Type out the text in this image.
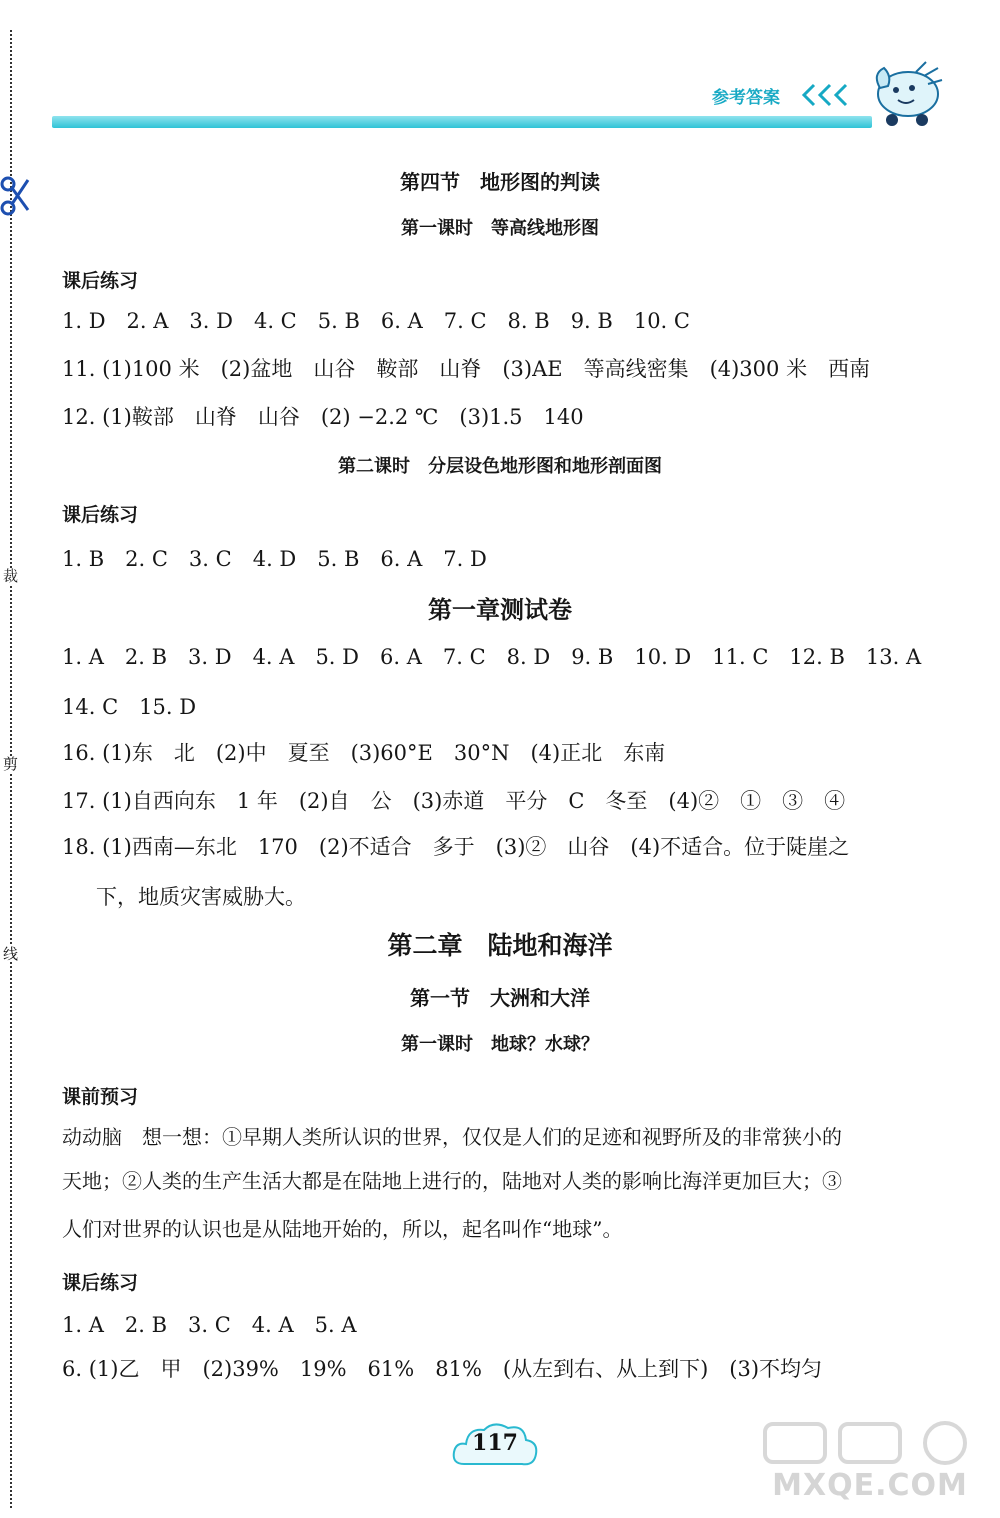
裁
剪
线
参考答案
第四节　地形图的判读
第一课时　等高线地形图
课后练习
1. D　2. A　3. D　4. C　5. B　6. A　7. C　8. B　9. B　10. C
11. (1)100 米　(2)盆地　山谷　鞍部　山脊　(3)AE　等高线密集　(4)300 米　西南
12. (1)鞍部　山脊　山谷　(2) −2.2 ℃　(3)1.5　140
第二课时　分层设色地形图和地形剖面图
课后练习
1. B　2. C　3. C　4. D　5. B　6. A　7. D
第一章测试卷
1. A　2. B　3. D　4. A　5. D　6. A　7. C　8. D　9. B　10. D　11. C　12. B　13. A
14. C　15. D
16. (1)东　北　(2)中　夏至　(3)60°E　30°N　(4)正北　东南
17. (1)自西向东　1 年　(2)自　公　(3)赤道　平分　C　冬至　(4)②　①　③　④
18. (1)西南—东北　170　(2)不适合　多于　(3)②　山谷　(4)不适合。位于陡崖之
下，地质灾害威胁大。
第二章　陆地和海洋
第一节　大洲和大洋
第一课时　地球？水球？
课前预习
动动脑　想一想：①早期人类所认识的世界，仅仅是人们的足迹和视野所及的非常狭小的
天地；②人类的生产生活大都是在陆地上进行的，陆地对人类的影响比海洋更加巨大；③
人们对世界的认识也是从陆地开始的，所以，起名叫作“地球”。
课后练习
1. A　2. B　3. C　4. A　5. A
6. (1)乙　甲　(2)39%　19%　61%　81%　(从左到右、从上到下)　(3)不均匀
117
MXQE.COM
